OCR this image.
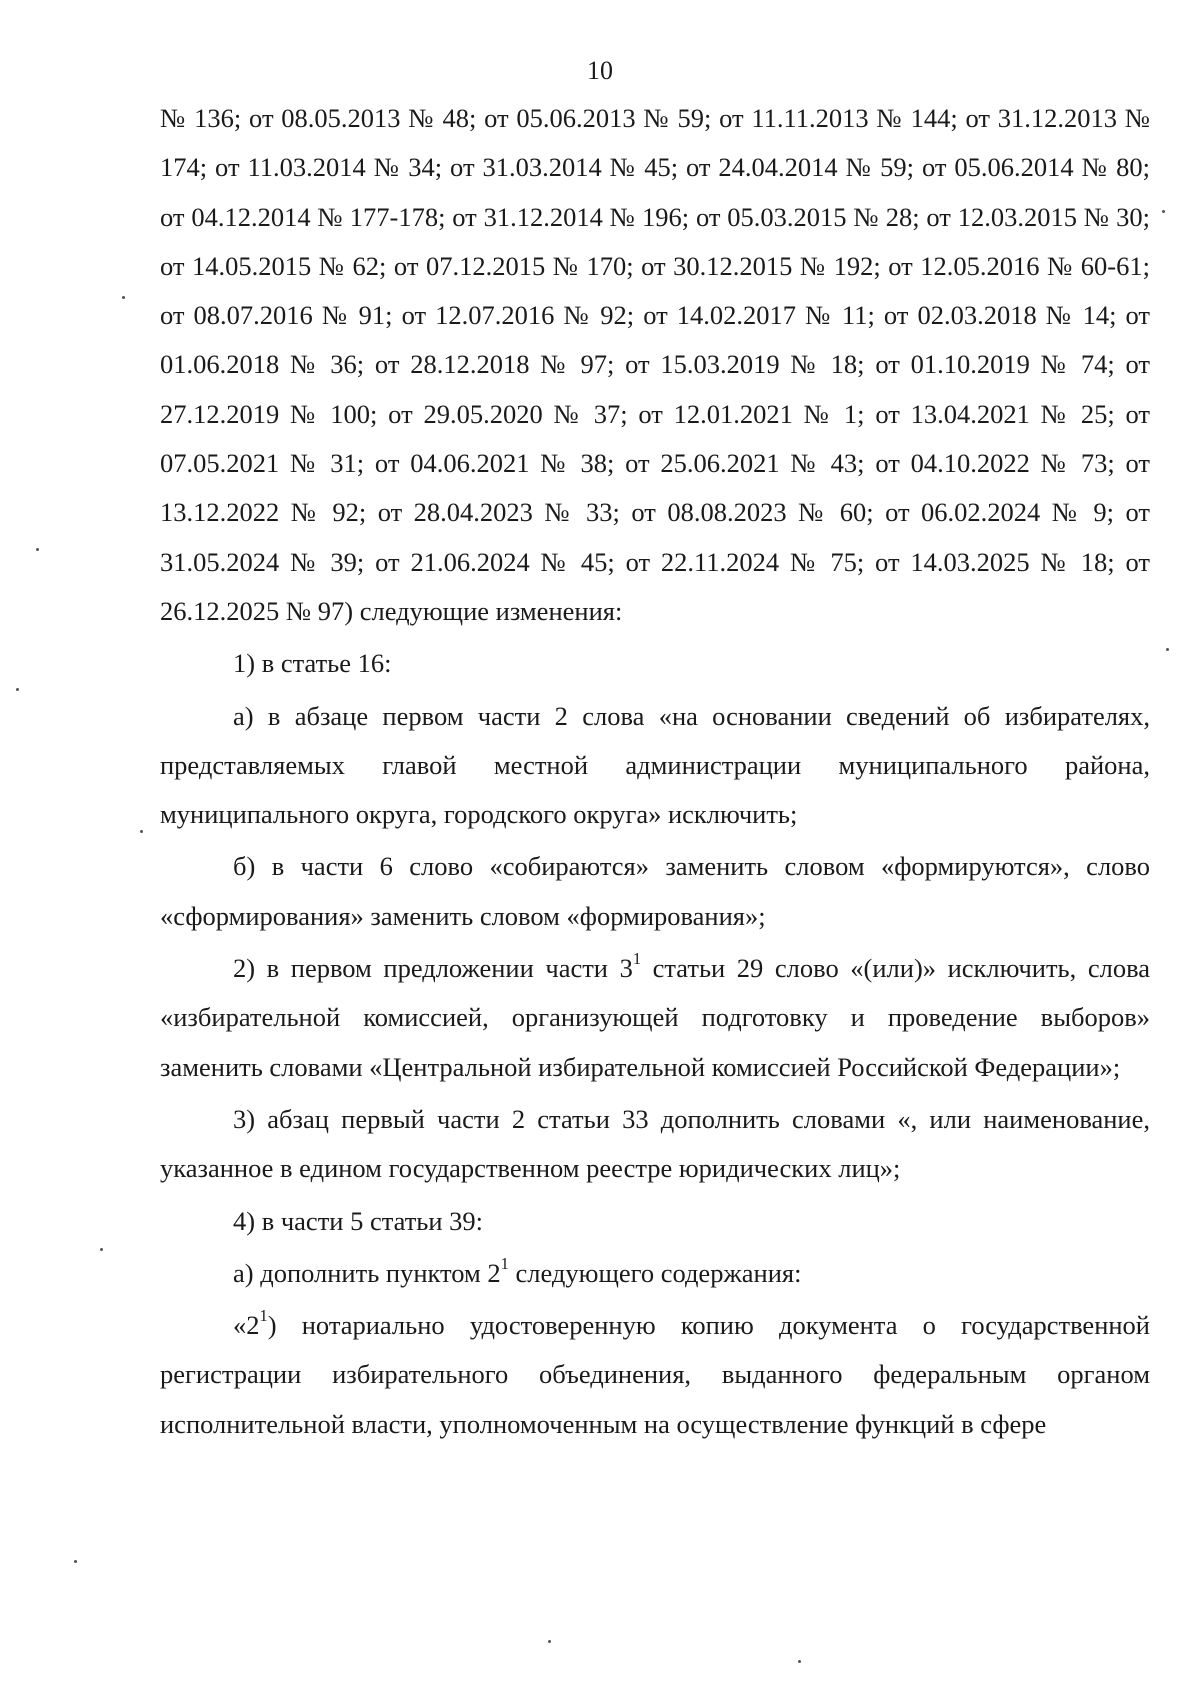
10

№ 136; от 08.05.2013 № 48; от 05.06.2013 № 59; от 11.11.2013 № 144; от 31.12.2013 № 174; от 11.03.2014 № 34; от 31.03.2014 № 45; от 24.04.2014 № 59; от 05.06.2014 № 80; от 04.12.2014 № 177-178; от 31.12.2014 № 196; от 05.03.2015 № 28; от 12.03.2015 № 30; от 14.05.2015 № 62; от 07.12.2015 № 170; от 30.12.2015 № 192; от 12.05.2016 № 60-61; от 08.07.2016 № 91; от 12.07.2016 № 92; от 14.02.2017 № 11; от 02.03.2018 № 14; от 01.06.2018 № 36; от 28.12.2018 № 97; от 15.03.2019 № 18; от 01.10.2019 № 74; от 27.12.2019 № 100; от 29.05.2020 № 37; от 12.01.2021 № 1; от 13.04.2021 № 25; от 07.05.2021 № 31; от 04.06.2021 № 38; от 25.06.2021 № 43; от 04.10.2022 № 73; от 13.12.2022 № 92; от 28.04.2023 № 33; от 08.08.2023 № 60; от 06.02.2024 № 9; от 31.05.2024 № 39; от 21.06.2024 № 45; от 22.11.2024 № 75; от 14.03.2025 № 18; от 26.12.2025 № 97) следующие изменения:

1) в статье 16:

а) в абзаце первом части 2 слова «на основании сведений об избирателях, представляемых главой местной администрации муниципального района, муниципального округа, городского округа» исключить;

б) в части 6 слово «собираются» заменить словом «формируются», слово «сформирования» заменить словом «формирования»;

2) в первом предложении части $3^1$ статьи 29 слово «(или)» исключить, слова «избирательной комиссией, организующей подготовку и проведение выборов» заменить словами «Центральной избирательной комиссией Российской Федерации»;

3) абзац первый части 2 статьи 33 дополнить словами «, или наименование, указанное в едином государственном реестре юридических лиц»;

4) в части 5 статьи 39:

а) дополнить пунктом $2^1$ следующего содержания:

«$2^1$) нотариально удостоверенную копию документа о государственной регистрации избирательного объединения, выданного федеральным органом исполнительной власти, уполномоченным на осуществление функций в сфере
